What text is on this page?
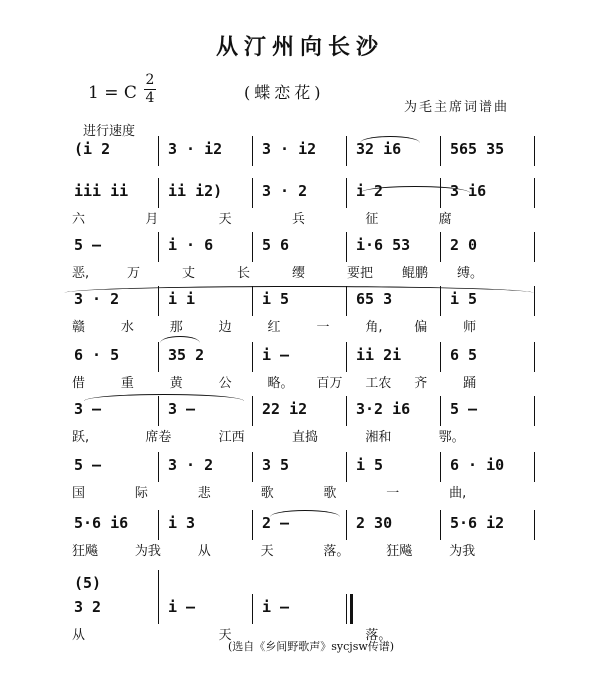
从汀州向长沙
1 = C
2
4	(蝶恋花)
为毛主席词谱曲
进行速度
(i 2	3 · i2	3 · i2	32 i6	565 35
iii ii	ii i2)	3 · 2	i 2	3 i6
六	月	天	兵	征	腐
5 —	i · 6	5 6	i·6 53	2 0
恶,	万	丈	长	缨	要把 鲲鹏 缚。
3 · 2	i i	i 5	65 3	i 5
赣	水	那	边	红	一	角, 偏	师
6 · 5	35 2	i —	ii 2i	6 5
借	重	黄	公	略。 百万 工农 齐	踊
3 —	3 —	22 i2	3·2 i6	5 —
跃,	席卷	江西	直捣	湘和	鄂。
5 —	3 · 2	3 5	i 5	6 · i0
国	际	悲	歌	歌	一	曲,
5·6 i6	i 3	2 —	2 30	5·6 i2
狂飚	为我	从	天	落。	狂飚	为我
(5)
3 2	i —	i —
从	天	落。
(选自《乡间野歌声》sycjsw传谱)
